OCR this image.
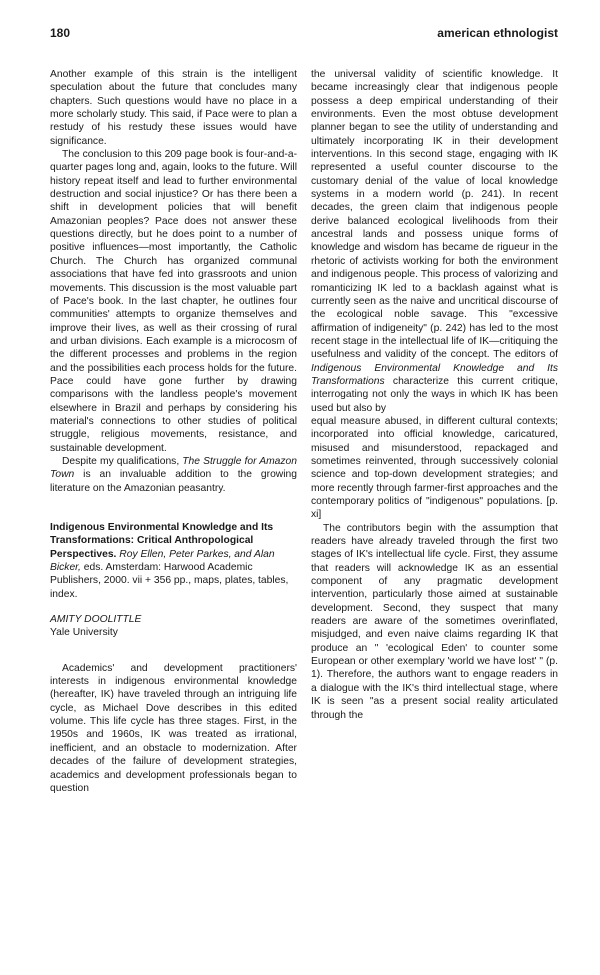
180	american ethnologist

Another example of this strain is the intelligent speculation about the future that concludes many chapters. Such questions would have no place in a more scholarly study. This said, if Pace were to plan a restudy of his restudy these issues would have significance.

The conclusion to this 209 page book is four-and-a-quarter pages long and, again, looks to the future. Will history repeat itself and lead to further environmental destruction and social injustice? Or has there been a shift in development policies that will benefit Amazonian peoples? Pace does not answer these questions directly, but he does point to a number of positive influences—most importantly, the Catholic Church. The Church has organized communal associations that have fed into grassroots and union movements. This discussion is the most valuable part of Pace's book. In the last chapter, he outlines four communities' attempts to organize themselves and improve their lives, as well as their crossing of rural and urban divisions. Each example is a microcosm of the different processes and problems in the region and the possibilities each process holds for the future. Pace could have gone further by drawing comparisons with the landless people's movement elsewhere in Brazil and perhaps by considering his material's connections to other studies of political struggle, religious movements, resistance, and sustainable development.

Despite my qualifications, The Struggle for Amazon Town is an invaluable addition to the growing literature on the Amazonian peasantry.

Indigenous Environmental Knowledge and Its Transformations: Critical Anthropological Perspectives. Roy Ellen, Peter Parkes, and Alan Bicker, eds. Amsterdam: Harwood Academic Publishers, 2000. vii + 356 pp., maps, plates, tables, index.

AMITY DOOLITTLE
Yale University

Academics' and development practitioners' interests in indigenous environmental knowledge (hereafter, IK) have traveled through an intriguing life cycle, as Michael Dove describes in this edited volume. This life cycle has three stages. First, in the 1950s and 1960s, IK was treated as irrational, inefficient, and an obstacle to modernization. After decades of the failure of development strategies, academics and development professionals began to question

the universal validity of scientific knowledge. It became increasingly clear that indigenous people possess a deep empirical understanding of their environments. Even the most obtuse development planner began to see the utility of understanding and ultimately incorporating IK in their development interventions. In this second stage, engaging with IK represented a useful counter discourse to the customary denial of the value of local knowledge systems in a modern world (p. 241). In recent decades, the green claim that indigenous people derive balanced ecological livelihoods from their ancestral lands and possess unique forms of knowledge and wisdom has became de rigueur in the rhetoric of activists working for both the environment and indigenous people. This process of valorizing and romanticizing IK led to a backlash against what is currently seen as the naive and uncritical discourse of the ecological noble savage. This "excessive affirmation of indigeneity" (p. 242) has led to the most recent stage in the intellectual life of IK—critiquing the usefulness and validity of the concept. The editors of Indigenous Environmental Knowledge and Its Transformations characterize this current critique, interrogating not only the ways in which IK has been used but also by

equal measure abused, in different cultural contexts; incorporated into official knowledge, caricatured, misused and misunderstood, repackaged and sometimes reinvented, through successively colonial science and top-down development strategies; and more recently through farmer-first approaches and the contemporary politics of "indigenous" populations. [p. xi]

The contributors begin with the assumption that readers have already traveled through the first two stages of IK's intellectual life cycle. First, they assume that readers will acknowledge IK as an essential component of any pragmatic development intervention, particularly those aimed at sustainable development. Second, they suspect that many readers are aware of the sometimes overinflated, misjudged, and even naive claims regarding IK that produce an " 'ecological Eden' to counter some European or other exemplary 'world we have lost' " (p. 1). Therefore, the authors want to engage readers in a dialogue with the IK's third intellectual stage, where IK is seen "as a present social reality articulated through the
